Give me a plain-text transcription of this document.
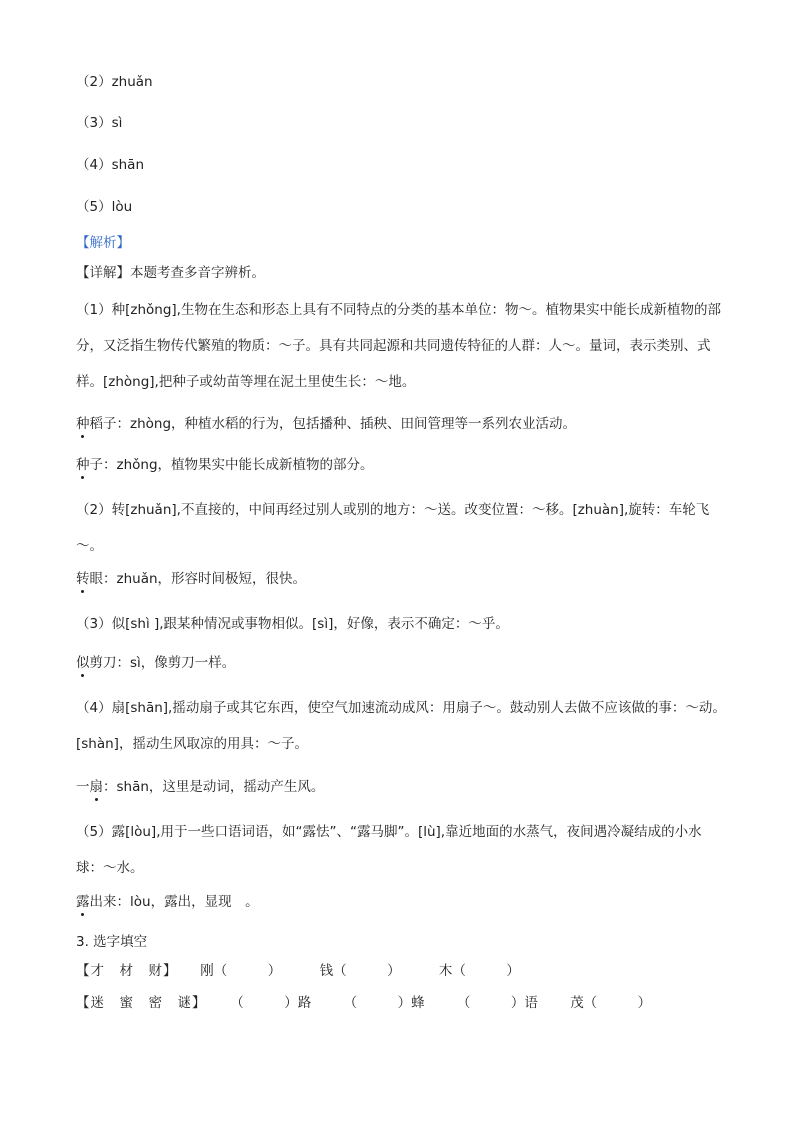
（2）zhuǎn
（3）sì
（4）shān
（5）lòu
【解析】
【详解】本题考查多音字辨析。
（1）种[zhǒng],生物在生态和形态上具有不同特点的分类的基本单位：物～。植物果实中能长成新植物的部分，又泛指生物传代繁殖的物质：～子。具有共同起源和共同遗传特征的人群：人～。量词，表示类别、式样。[zhòng],把种子或幼苗等埋在泥土里使生长：～地。
种稻子：zhòng，种植水稻的行为，包括播种、插秧、田间管理等一系列农业活动。
种子：zhǒng，植物果实中能长成新植物的部分。
（2）转[zhuǎn],不直接的，中间再经过别人或别的地方：～送。改变位置：～移。[zhuàn],旋转：车轮飞～。
转眼：zhuǎn，形容时间极短，很快。
（3）似[shì ],跟某种情况或事物相似。[sì]，好像，表示不确定：～乎。
似剪刀：sì，像剪刀一样。
（4）扇[shān],摇动扇子或其它东西，使空气加速流动成风：用扇子～。鼓动别人去做不应该做的事：～动。[shàn]，摇动生风取凉的用具：～子。
一扇：shān，这里是动词，摇动产生风。
（5）露[lòu],用于一些口语词语，如“露怯”、“露马脚”。[lù],靠近地面的水蒸气，夜间遇冷凝结成的小水球：～水。
露出来：lòu，露出，显现　。
3. 选字填空
【才　材　财】 刚（　　　）	钱（　　　）	木（　　　）
【迷　蜜　密　谜】 （　　　）路 （　　　）蜂 （　　　）语 茂（　　　）
